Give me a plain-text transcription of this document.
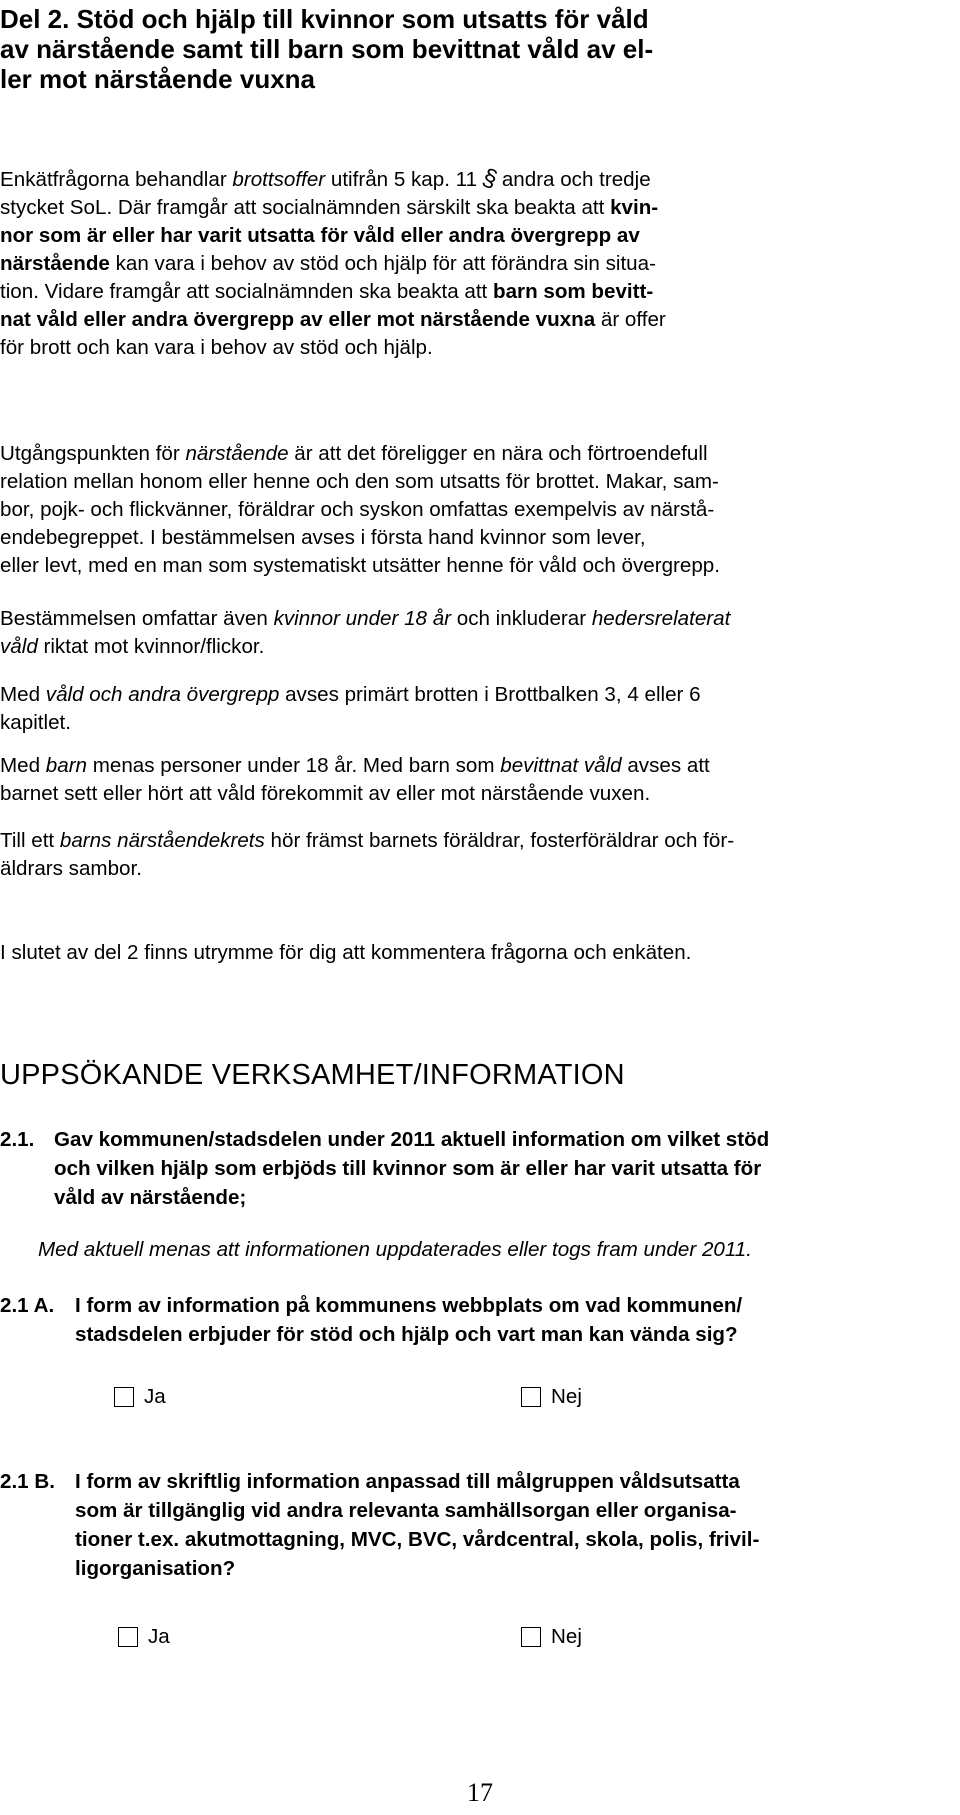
Del 2. Stöd och hjälp till kvinnor som utsatts för våld
av närstående samt till barn som bevittnat våld av el-
ler mot närstående vuxna
Enkätfrågorna behandlar brottsoffer utifrån 5 kap. 11 § andra och tredje
stycket SoL. Där framgår att socialnämnden särskilt ska beakta att kvin-
nor som är eller har varit utsatta för våld eller andra övergrepp av
närstående kan vara i behov av stöd och hjälp för att förändra sin situa-
tion. Vidare framgår att socialnämnden ska beakta att barn som bevitt-
nat våld eller andra övergrepp av eller mot närstående vuxna är offer
för brott och kan vara i behov av stöd och hjälp.
Utgångspunkten för närstående är att det föreligger en nära och förtroendefull
relation mellan honom eller henne och den som utsatts för brottet. Makar, sam-
bor, pojk- och flickvänner, föräldrar och syskon omfattas exempelvis av närstå-
endebegreppet. I bestämmelsen avses i första hand kvinnor som lever,
eller levt, med en man som systematiskt utsätter henne för våld och övergrepp.
Bestämmelsen omfattar även kvinnor under 18 år och inkluderar hedersrelaterat
våld riktat mot kvinnor/flickor.
Med våld och andra övergrepp avses primärt brotten i Brottbalken 3, 4 eller 6
kapitlet.
Med barn menas personer under 18 år. Med barn som bevittnat våld avses att
barnet sett eller hört att våld förekommit av eller mot närstående vuxen.
Till ett barns närståendekrets hör främst barnets föräldrar, fosterföräldrar och för-
äldrars sambor.
I slutet av del 2 finns utrymme för dig att kommentera frågorna och enkäten.
UPPSÖKANDE VERKSAMHET/INFORMATION
2.1. Gav kommunen/stadsdelen under 2011 aktuell information om vilket stöd
och vilken hjälp som erbjöds till kvinnor som är eller har varit utsatta för
våld av närstående;
Med aktuell menas att informationen uppdaterades eller togs fram under 2011.
2.1 A. I form av information på kommunens webbplats om vad kommunen/
stadsdelen erbjuder för stöd och hjälp och vart man kan vända sig?
Ja	Nej
2.1 B. I form av skriftlig information anpassad till målgruppen våldsutsatta
som är tillgänglig vid andra relevanta samhällsorgan eller organisa-
tioner t.ex. akutmottagning, MVC, BVC, vårdcentral, skola, polis, frivil-
ligorganisation?
Ja	Nej
17
